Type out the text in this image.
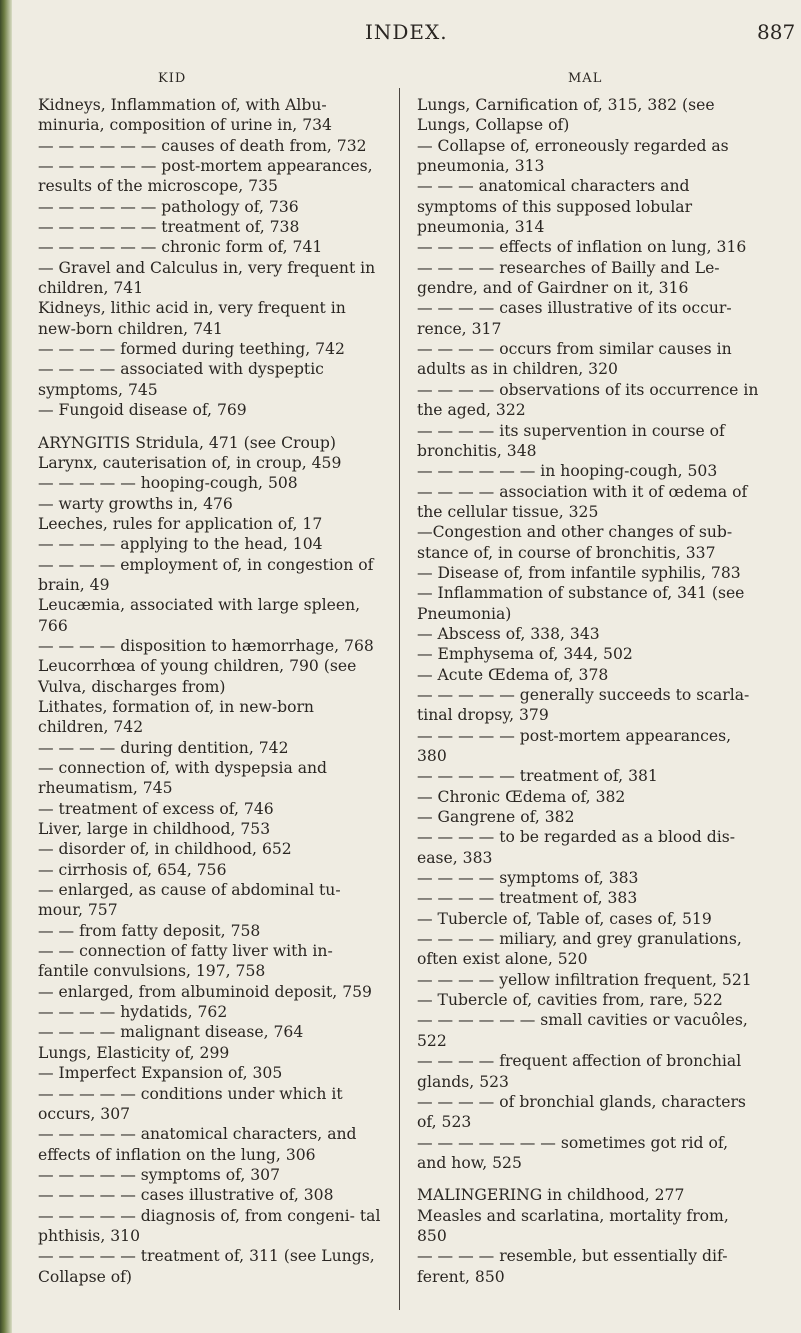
INDEX.	887
KID	MAL
Kidneys, Inflammation of, with Albu- minuria, composition of urine in, 734
— — — — — — causes of death from, 732
— — — — — — post-mortem appearances, results of the microscope, 735
— — — — — — pathology of, 736
— — — — — — treatment of, 738
— — — — — — chronic form of, 741
— Gravel and Calculus in, very frequent in children, 741
Kidneys, lithic acid in, very frequent in new-born children, 741
— — — — formed during teething, 742
— — — — associated with dyspeptic symptoms, 745
— Fungoid disease of, 769
ARYNGITIS Stridula, 471 (see Croup)
Larynx, cauterisation of, in croup, 459
— — — — — hooping-cough, 508
— warty growths in, 476
Leeches, rules for application of, 17
— — — — applying to the head, 104
— — — — employment of, in congestion of brain, 49
Leucæmia, associated with large spleen, 766
— — — — disposition to hæmorrhage, 768
Leucorrhœa of young children, 790 (see Vulva, discharges from)
Lithates, formation of, in new-born children, 742
— — — — during dentition, 742
— connection of, with dyspepsia and rheumatism, 745
— treatment of excess of, 746
Liver, large in childhood, 753
— disorder of, in childhood, 652
— cirrhosis of, 654, 756
— enlarged, as cause of abdominal tu- mour, 757
— — from fatty deposit, 758
— — connection of fatty liver with in- fantile convulsions, 197, 758
— enlarged, from albuminoid deposit, 759
— — — — hydatids, 762
— — — — malignant disease, 764
Lungs, Elasticity of, 299
— Imperfect Expansion of, 305
— — — — — conditions under which it occurs, 307
— — — — — anatomical characters, and effects of inflation on the lung, 306
— — — — — symptoms of, 307
— — — — — cases illustrative of, 308
— — — — — diagnosis of, from congeni- tal phthisis, 310
— — — — — treatment of, 311 (see Lungs, Collapse of)
Lungs, Carnification of, 315, 382 (see Lungs, Collapse of)
— Collapse of, erroneously regarded as pneumonia, 313
— — — anatomical characters and symptoms of this supposed lobular pneumonia, 314
— — — — effects of inflation on lung, 316
— — — — researches of Bailly and Le- gendre, and of Gairdner on it, 316
— — — — cases illustrative of its occur- rence, 317
— — — — occurs from similar causes in adults as in children, 320
— — — — observations of its occurrence in the aged, 322
— — — — its supervention in course of bronchitis, 348
— — — — — — in hooping-cough, 503
— — — — association with it of œdema of the cellular tissue, 325
—Congestion and other changes of sub- stance of, in course of bronchitis, 337
— Disease of, from infantile syphilis, 783
— Inflammation of substance of, 341 (see Pneumonia)
— Abscess of, 338, 343
— Emphysema of, 344, 502
— Acute Œdema of, 378
— — — — — generally succeeds to scarla- tinal dropsy, 379
— — — — — post-mortem appearances, 380
— — — — — treatment of, 381
— Chronic Œdema of, 382
— Gangrene of, 382
— — — — to be regarded as a blood dis- ease, 383
— — — — symptoms of, 383
— — — — treatment of, 383
— Tubercle of, Table of, cases of, 519
— — — — miliary, and grey granulations, often exist alone, 520
— — — — yellow infiltration frequent, 521
— Tubercle of, cavities from, rare, 522
— — — — — — small cavities or vacuôles, 522
— — — — frequent affection of bronchial glands, 523
— — — — of bronchial glands, characters of, 523
— — — — — — — sometimes got rid of, and how, 525
MALINGERING in childhood, 277
Measles and scarlatina, mortality from, 850
— — — — resemble, but essentially dif- ferent, 850
